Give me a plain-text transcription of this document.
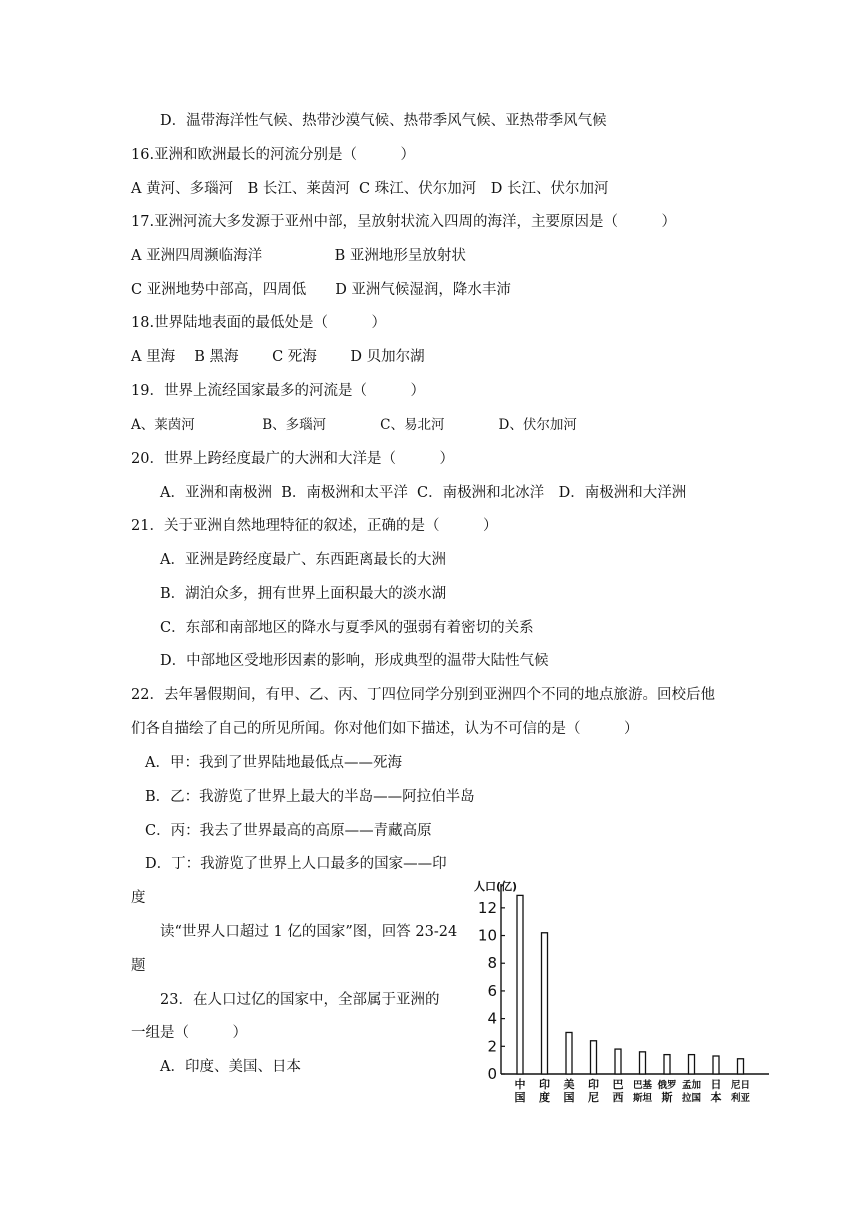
D．温带海洋性气候、热带沙漠气候、热带季风气候、亚热带季风气候
16.亚洲和欧洲最长的河流分别是（　　　）
A 黄河、多瑙河　B 长江、莱茵河  C 珠江、伏尔加河　D 长江、伏尔加河
17.亚洲河流大多发源于亚州中部，呈放射状流入四周的海洋，主要原因是（　　　）
A 亚洲四周濒临海洋　　　　　B 亚洲地形呈放射状
C 亚洲地势中部高，四周低　　D 亚洲气候湿润，降水丰沛
18.世界陆地表面的最低处是（　　　）
A 里海　 B 黑海　　 C 死海　　 D 贝加尔湖
19．世界上流经国家最多的河流是（　　　）
A、莱茵河　　　　　B、多瑙河　　　　C、易北河　　　　D、伏尔加河
20．世界上跨经度最广的大洲和大洋是（　　　）
A．亚洲和南极洲  B．南极洲和太平洋  C．南极洲和北冰洋　D．南极洲和大洋洲
21．关于亚洲自然地理特征的叙述，正确的是（　　　）
A．亚洲是跨经度最广、东西距离最长的大洲
B．湖泊众多，拥有世界上面积最大的淡水湖
C．东部和南部地区的降水与夏季风的强弱有着密切的关系
D．中部地区受地形因素的影响，形成典型的温带大陆性气候
22．去年暑假期间，有甲、乙、丙、丁四位同学分别到亚洲四个不同的地点旅游。回校后他
们各自描绘了自己的所见所闻。你对他们如下描述，认为不可信的是（　　　）
A．甲：我到了世界陆地最低点——死海
B．乙：我游览了世界上最大的半岛——阿拉伯半岛
C．丙：我去了世界最高的高原——青藏高原
D．丁：我游览了世界上人口最多的国家——印
度
读“世界人口超过 1 亿的国家”图，回答 23-24
题
23．在人口过亿的国家中，全部属于亚洲的
一组是（　　　）
A．印度、美国、日本
人口(亿)
0
2
4
6
8
10
12
中
国
印
度
美
国
印
尼
巴
西
巴基
斯坦
俄罗
斯
孟加
拉国
日
本
尼日
利亚
